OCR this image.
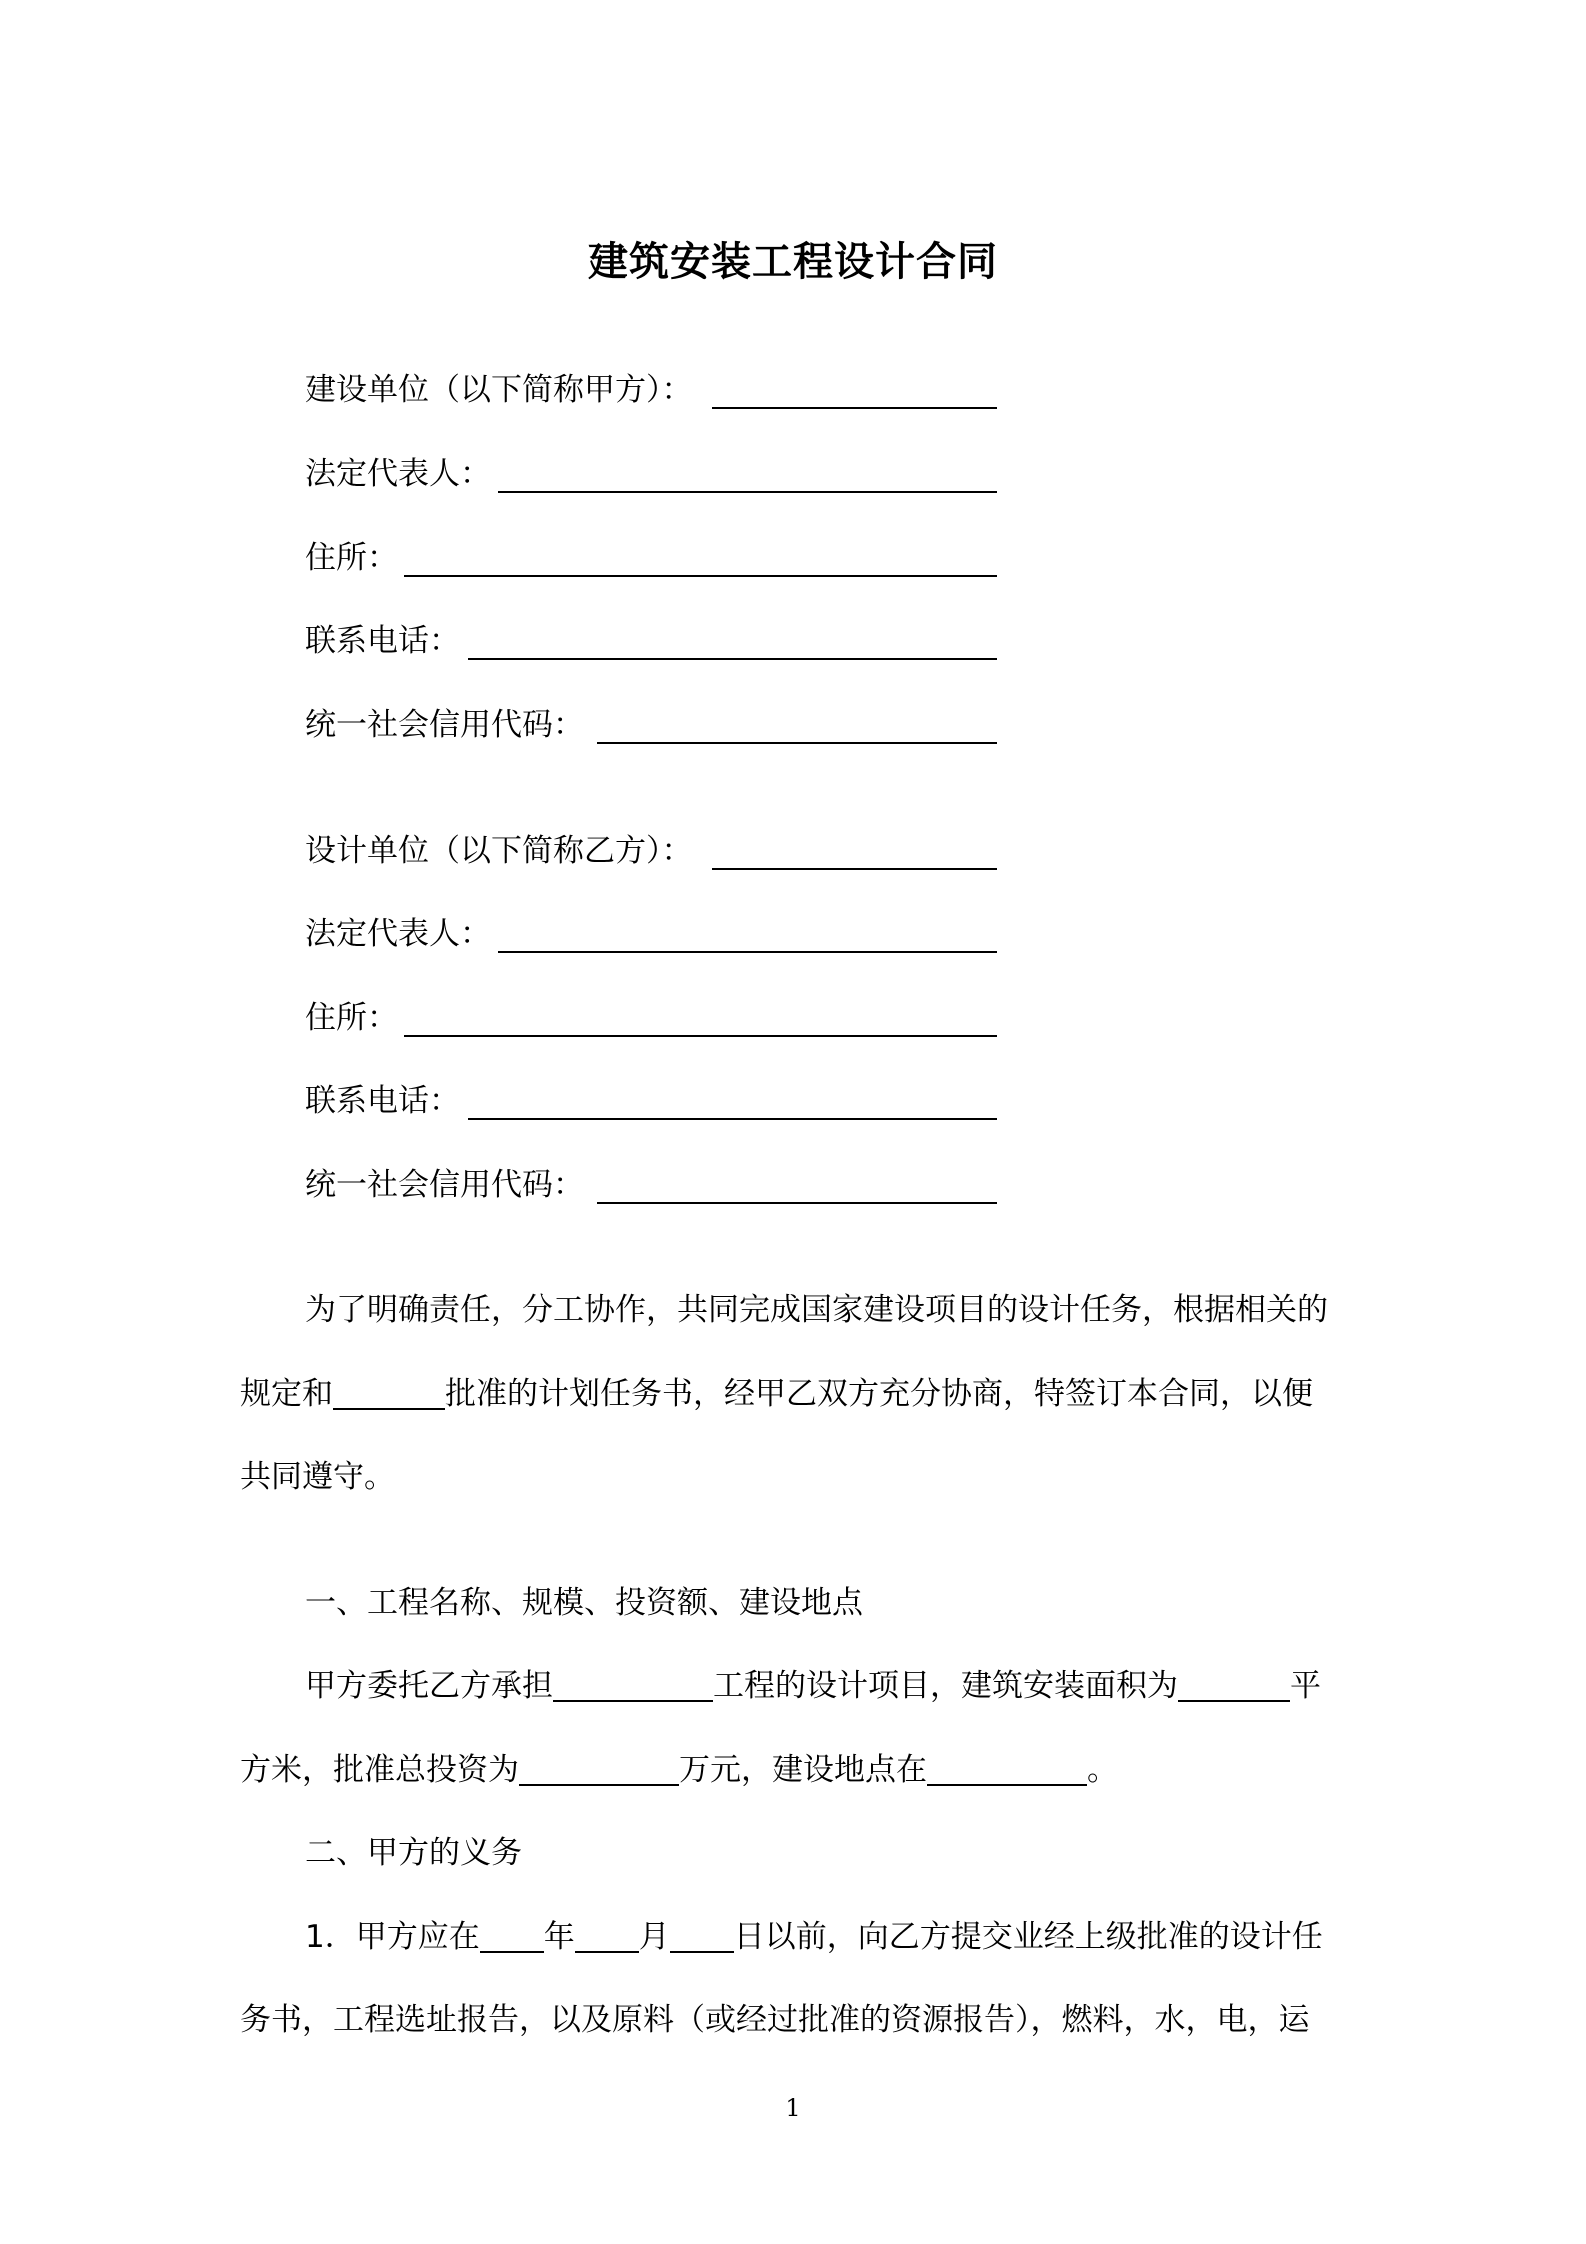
建筑安装工程设计合同
建设单位（以下简称甲方）：
法定代表人：
住所：
联系电话：
统一社会信用代码：
设计单位（以下简称乙方）：
法定代表人：
住所：
联系电话：
统一社会信用代码：
为了明确责任，分工协作，共同完成国家建设项目的设计任务，根据相关的
规定和	批准的计划任务书，经甲乙双方充分协商，特签订本合同，以便
共同遵守。
一、工程名称、规模、投资额、建设地点
甲方委托乙方承担	工程的设计项目，建筑安装面积为	平
方米，批准总投资为	万元，建设地点在	。
二、甲方的义务
1．甲方应在 年 月 日以前，向乙方提交业经上级批准的设计任
务书，工程选址报告，以及原料（或经过批准的资源报告），燃料，水，电，运
1
